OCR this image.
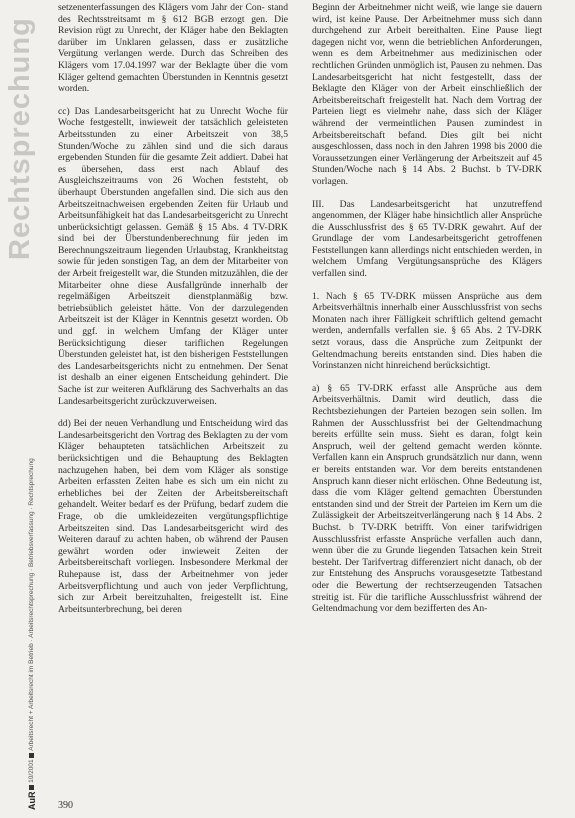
Rechtsprechung
AuR  10/2001  Arbeitsrecht + Arbeitsrecht im Betrieb · Arbeitsrechtsprechung · Betriebsverfassung · Rechtsprechung

setzenenterfassungen des Klägers vom Jahr der Con- stand des Rechtsstreitsamt m § 612 BGB erzogt gen. Die Revision rügt zu Unrecht, der Kläger habe den Beklagten darüber im Unklaren gelassen, dass er zusätzliche Vergütung verlangen werde. Durch das Schreiben des Klägers vom 17.04.1997 war der Beklagte über die vom Kläger geltend gemachten Überstunden in Kenntnis gesetzt worden.

cc) Das Landesarbeitsgericht hat zu Unrecht Woche für Woche festgestellt, inwieweit der tatsächlich geleisteten Arbeitsstunden zu einer Arbeitszeit von 38,5 Stunden/Woche zu zählen sind und die sich daraus ergebenden Stunden für die gesamte Zeit addiert. Dabei hat es übersehen, dass erst nach Ablauf des Ausgleichszeitraums von 26 Wochen feststeht, ob überhaupt Überstunden angefallen sind. Die sich aus den Arbeitszeitnachweisen ergebenden Zeiten für Urlaub und Arbeitsunfähigkeit hat das Landesarbeitsgericht zu Unrecht unberücksichtigt gelassen. Gemäß § 15 Abs. 4 TV-DRK sind bei der Überstundenberechnung für jeden im Berechnungszeitraum liegenden Urlaubstag, Krankheitstag sowie für jeden sonstigen Tag, an dem der Mitarbeiter von der Arbeit freigestellt war, die Stunden mitzuzählen, die der Mitarbeiter ohne diese Ausfallgründe innerhalb der regelmäßigen Arbeitszeit dienstplanmäßig bzw. betriebsüblich geleistet hätte. Von der darzulegenden Arbeitszeit ist der Kläger in Kenntnis gesetzt worden. Ob und ggf. in welchem Umfang der Kläger unter Berücksichtigung dieser tariflichen Regelungen Überstunden geleistet hat, ist den bisherigen Feststellungen des Landesarbeitsgerichts nicht zu entnehmen. Der Senat ist deshalb an einer eigenen Entscheidung gehindert. Die Sache ist zur weiteren Aufklärung des Sachverhalts an das Landesarbeitsgericht zurückzuverweisen.

dd) Bei der neuen Verhandlung und Entscheidung wird das Landesarbeitsgericht den Vortrag des Beklagten zu der vom Kläger behaupteten tatsächlichen Arbeitszeit zu berücksichtigen und die Behauptung des Beklagten nachzugehen haben, bei dem vom Kläger als sonstige Arbeiten erfassten Zeiten habe es sich um ein nicht zu erhebliches bei der Zeiten der Arbeitsbereitschaft gehandelt. Weiter bedarf es der Prüfung, bedarf zudem die Frage, ob die umkleidezeiten vergütungspflichtige Arbeitszeiten sind. Das Landesarbeitsgericht wird des Weiteren darauf zu achten haben, ob während der Pausen gewährt worden oder inwieweit Zeiten der Arbeitsbereitschaft vorliegen. Insbesondere Merkmal der Ruhepause ist, dass der Arbeitnehmer von jeder Arbeitsverpflichtung und auch von jeder Verpflichtung, sich zur Arbeit bereitzuhalten, freigestellt ist. Eine Arbeitsunterbrechung, bei deren

Beginn der Arbeitnehmer nicht weiß, wie lange sie dauern wird, ist keine Pause. Der Arbeitnehmer muss sich dann durchgehend zur Arbeit bereithalten. Eine Pause liegt dagegen nicht vor, wenn die betrieblichen Anforderungen, wenn es dem Arbeitnehmer aus medizinischen oder rechtlichen Gründen unmöglich ist, Pausen zu nehmen. Das Landesarbeitsgericht hat nicht festgestellt, dass der Beklagte den Kläger von der Arbeit einschließlich der Arbeitsbereitschaft freigestellt hat. Nach dem Vortrag der Parteien liegt es vielmehr nahe, dass sich der Kläger während der vermeintlichen Pausen zumindest in Arbeitsbereitschaft befand. Dies gilt bei nicht ausgeschlossen, dass noch in den Jahren 1998 bis 2000 die Voraussetzungen einer Verlängerung der Arbeitszeit auf 45 Stunden/Woche nach § 14 Abs. 2 Buchst. b TV-DRK vorlagen.

III. Das Landesarbeitsgericht hat unzutreffend angenommen, der Kläger habe hinsichtlich aller Ansprüche die Ausschlussfrist des § 65 TV-DRK gewahrt. Auf der Grundlage der vom Landesarbeitsgericht getroffenen Feststellungen kann allerdings nicht entschieden werden, in welchem Umfang Vergütungsansprüche des Klägers verfallen sind.

1. Nach § 65 TV-DRK müssen Ansprüche aus dem Arbeitsverhältnis innerhalb einer Ausschlussfrist von sechs Monaten nach ihrer Fälligkeit schriftlich geltend gemacht werden, andernfalls verfallen sie. § 65 Abs. 2 TV-DRK setzt voraus, dass die Ansprüche zum Zeitpunkt der Geltendmachung bereits entstanden sind. Dies haben die Vorinstanzen nicht hinreichend berücksichtigt.

a) § 65 TV-DRK erfasst alle Ansprüche aus dem Arbeitsverhältnis. Damit wird deutlich, dass die Rechtsbeziehungen der Parteien bezogen sein sollen. Im Rahmen der Ausschlussfrist bei der Geltendmachung bereits erfüllte sein muss. Sieht es daran, folgt kein Anspruch, weil der geltend gemacht werden könnte. Verfallen kann ein Anspruch grundsätzlich nur dann, wenn er bereits entstanden war. Vor dem bereits entstandenen Anspruch kann dieser nicht erlöschen. Ohne Bedeutung ist, dass die vom Kläger geltend gemachten Überstunden entstanden sind und der Streit der Parteien im Kern um die Zulässigkeit der Arbeitszeitverlängerung nach § 14 Abs. 2 Buchst. b TV-DRK betrifft. Von einer tarifwidrigen Ausschlussfrist erfasste Ansprüche verfallen auch dann, wenn über die zu Grunde liegenden Tatsachen kein Streit besteht. Der Tarifvertrag differenziert nicht danach, ob der zur Entstehung des Anspruchs vorausgesetzte Tatbestand oder die Bewertung der rechtserzeugenden Tatsachen streitig ist. Für die tarifliche Ausschlussfrist während der Geltendmachung vor dem bezifferten des An-

390
